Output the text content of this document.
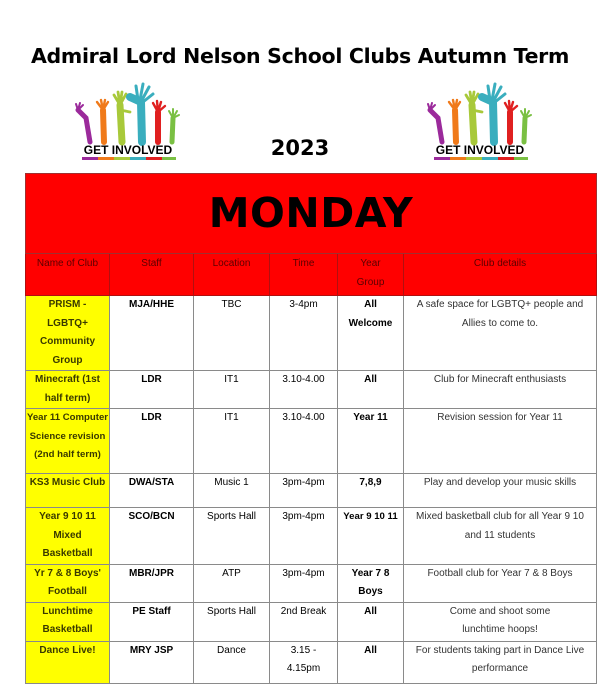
Admiral Lord Nelson School Clubs Autumn Term
GET INVOLVED	2023	GET INVOLVED
MONDAY					

Name of Club	Staff	Location	Time	Year Group	Club details
PRISM - LGBTQ+ Community Group	MJA/HHE	TBC	3-4pm	All Welcome	A safe space for LGBTQ+ people and Allies to come to.
Minecraft (1st half term)	LDR	IT1	3.10-4.00	All	Club for Minecraft enthusiasts
Year 11 Computer Science revision (2nd half term)	LDR	IT1	3.10-4.00	Year 11	Revision session for Year 11
KS3 Music Club	DWA/STA	Music 1	3pm-4pm	7,8,9	Play and develop your music skills
Year 9 10 11 Mixed Basketball	SCO/BCN	Sports Hall	3pm-4pm	Year 9 10 11	Mixed basketball club for all Year 9 10 and 11 students
Yr 7 & 8 Boys' Football	MBR/JPR	ATP	3pm-4pm	Year 7 8 Boys	Football club for Year 7 & 8 Boys
Lunchtime Basketball	PE Staff	Sports Hall	2nd Break	All	Come and shoot some lunchtime hoops!
Dance Live!	MRY JSP	Dance	3.15 - 4.15pm	All	For students taking part in Dance Live performance
